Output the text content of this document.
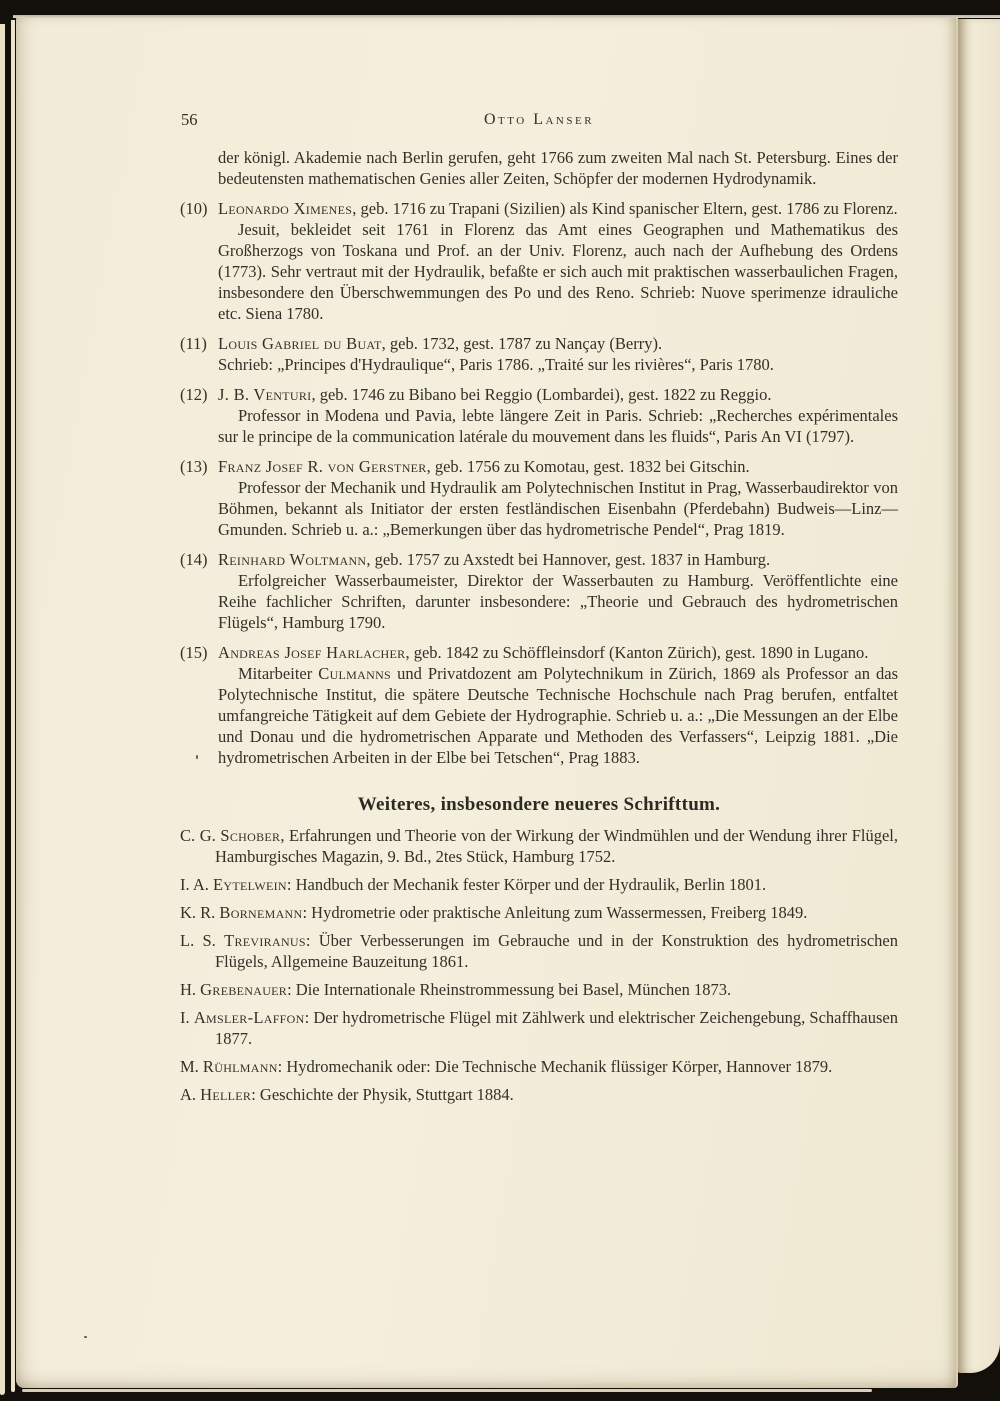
56	Otto Lanser

der königl. Akademie nach Berlin gerufen, geht 1766 zum zweiten Mal nach St. Petersburg. Eines der bedeutensten mathematischen Genies aller Zeiten, Schöpfer der modernen Hydrodynamik.

(10) Leonardo Ximenes, geb. 1716 zu Trapani (Sizilien) als Kind spanischer Eltern, gest. 1786 zu Florenz.

Jesuit, bekleidet seit 1761 in Florenz das Amt eines Geographen und Mathematikus des Großherzogs von Toskana und Prof. an der Univ. Florenz, auch nach der Aufhebung des Ordens (1773). Sehr vertraut mit der Hydraulik, befaßte er sich auch mit praktischen wasserbaulichen Fragen, insbesondere den Überschwemmungen des Po und des Reno. Schrieb: Nuove sperimenze idrauliche etc. Siena 1780.

(11) Louis Gabriel du Buat, geb. 1732, gest. 1787 zu Nançay (Berry).

Schrieb: „Principes d'Hydraulique“, Paris 1786. „Traité sur les rivières“, Paris 1780.

(12) J. B. Venturi, geb. 1746 zu Bibano bei Reggio (Lombardei), gest. 1822 zu Reggio.

Professor in Modena und Pavia, lebte längere Zeit in Paris. Schrieb: „Recherches expérimentales sur le principe de la communication latérale du mouvement dans les fluids“, Paris An VI (1797).

(13) Franz Josef R. von Gerstner, geb. 1756 zu Komotau, gest. 1832 bei Gitschin.

Professor der Mechanik und Hydraulik am Polytechnischen Institut in Prag, Wasserbaudirektor von Böhmen, bekannt als Initiator der ersten festländischen Eisenbahn (Pferdebahn) Budweis—Linz—Gmunden. Schrieb u. a.: „Bemerkungen über das hydrometrische Pendel“, Prag 1819.

(14) Reinhard Woltmann, geb. 1757 zu Axstedt bei Hannover, gest. 1837 in Hamburg.

Erfolgreicher Wasserbaumeister, Direktor der Wasserbauten zu Hamburg. Veröffentlichte eine Reihe fachlicher Schriften, darunter insbesondere: „Theorie und Gebrauch des hydrometrischen Flügels“, Hamburg 1790.

(15) Andreas Josef Harlacher, geb. 1842 zu Schöffleinsdorf (Kanton Zürich), gest. 1890 in Lugano.

Mitarbeiter Culmanns und Privatdozent am Polytechnikum in Zürich, 1869 als Professor an das Polytechnische Institut, die spätere Deutsche Technische Hochschule nach Prag berufen, entfaltet umfangreiche Tätigkeit auf dem Gebiete der Hydrographie. Schrieb u. a.: „Die Messungen an der Elbe und Donau und die hydrometrischen Apparate und Methoden des Verfassers“, Leipzig 1881. „Die hydrometrischen Arbeiten in der Elbe bei Tetschen“, Prag 1883.

Weiteres, insbesondere neueres Schrifttum.

C. G. Schober, Erfahrungen und Theorie von der Wirkung der Windmühlen und der Wendung ihrer Flügel, Hamburgisches Magazin, 9. Bd., 2tes Stück, Hamburg 1752.

I. A. Eytelwein: Handbuch der Mechanik fester Körper und der Hydraulik, Berlin 1801.

K. R. Bornemann: Hydrometrie oder praktische Anleitung zum Wassermessen, Freiberg 1849.

L. S. Treviranus: Über Verbesserungen im Gebrauche und in der Konstruktion des hydrometrischen Flügels, Allgemeine Bauzeitung 1861.

H. Grebenauer: Die Internationale Rheinstrommessung bei Basel, München 1873.

I. Amsler-Laffon: Der hydrometrische Flügel mit Zählwerk und elektrischer Zeichengebung, Schaffhausen 1877.

M. Rühlmann: Hydromechanik oder: Die Technische Mechanik flüssiger Körper, Hannover 1879.

A. Heller: Geschichte der Physik, Stuttgart 1884.
